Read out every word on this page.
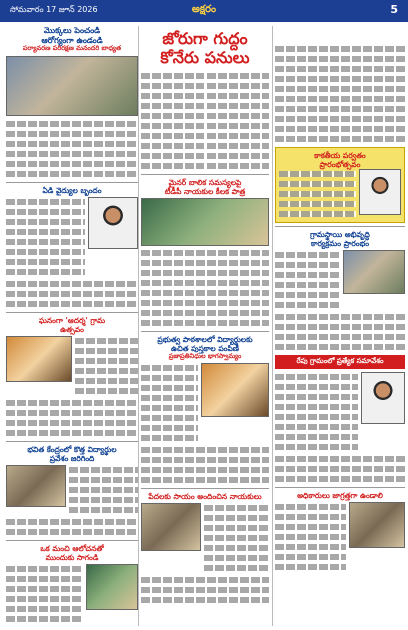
సోమవారం 17 జూన్ 2026	అక్షరం	5
మొక్కలు పెంచండి
ఆరోగ్యంగా ఉండండి
పర్యావరణ పరిరక్షణ మనందరి బాధ్యత
ఏడి వైద్యుల బృందం
ఘనంగా 'ఆదర్శ' గ్రామ
ఉత్సవం
భవిత కేంద్రంలో కొత్త విద్యార్థుల
ప్రవేశం జరిగింది
ఒక మంచి ఆలోచనతో
ముందుకు సాగండి
జోరుగా గుద్దం కోనేరు పనులు
మైనర్ బాలిక సమస్యలపై
టీడీపీ నాయకుల కీలక పాత్ర
ప్రభుత్వ పాఠశాలలో విద్యార్థులకు
ఉచిత పుస్తకాల పంపిణీ
ప్రజాప్రతినిధుల భాగస్వామ్యం
పేదలకు సాయం అందించిన నాయకులు
కాకతీయ పర్వతం
ప్రారంభోత్సవం
గ్రామస్థాయి అభివృద్ధి
కార్యక్రమం ప్రారంభం
రేపు గ్రామంలో ప్రత్యేక సమావేశం
అధికారులు జాగ్రత్తగా ఉండాలి
